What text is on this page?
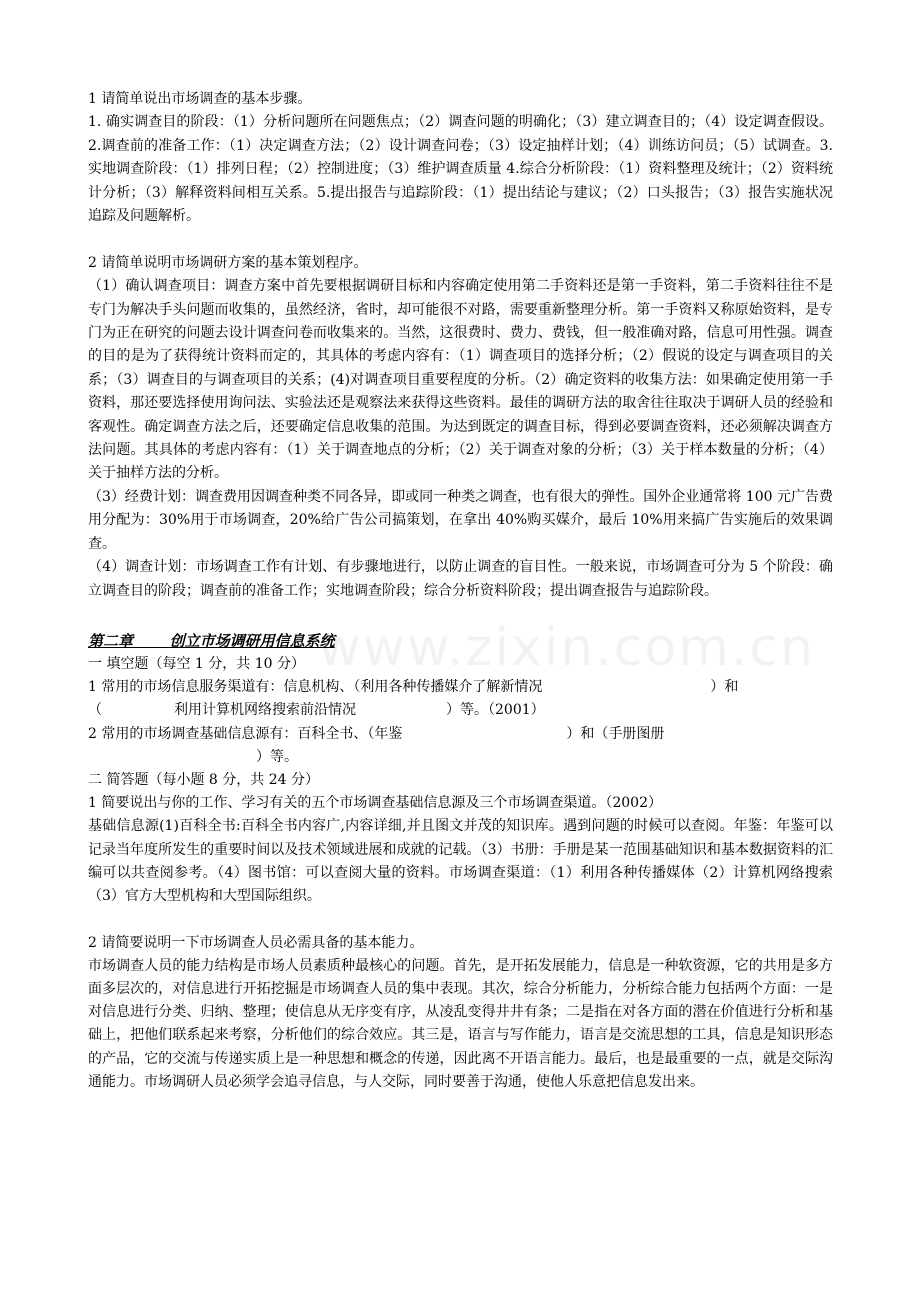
www.zixin.com.cn

1 请简单说出市场调查的基本步骤。

1. 确实调查目的阶段：（1）分析问题所在问题焦点；（2）调查问题的明确化；（3）建立调查目的；（4）设定调查假设。2.调查前的准备工作：（1）决定调查方法；（2）设计调查问卷；（3）设定抽样计划；（4）训练访问员；（5）试调查。3.实地调查阶段：（1）排列日程；（2）控制进度；（3）维护调查质量 4.综合分析阶段：（1）资料整理及统计；（2）资料统计分析；（3）解释资料间相互关系。5.提出报告与追踪阶段：（1）提出结论与建议；（2）口头报告；（3）报告实施状况追踪及问题解析。

2 请简单说明市场调研方案的基本策划程序。

（1）确认调查项目：调查方案中首先要根据调研目标和内容确定使用第二手资料还是第一手资料，第二手资料往往不是专门为解决手头问题而收集的，虽然经济，省时，却可能很不对路，需要重新整理分析。第一手资料又称原始资料，是专门为正在研究的问题去设计调查问卷而收集来的。当然，这很费时、费力、费钱，但一般准确对路，信息可用性强。调查的目的是为了获得统计资料而定的，其具体的考虑内容有：（1）调查项目的选择分析；（2）假说的设定与调查项目的关系；（3）调查目的与调查项目的关系；(4)对调查项目重要程度的分析。（2）确定资料的收集方法：如果确定使用第一手资料，那还要选择使用询问法、实验法还是观察法来获得这些资料。最佳的调研方法的取舍往往取决于调研人员的经验和客观性。确定调查方法之后，还要确定信息收集的范围。为达到既定的调查目标，得到必要调查资料，还必须解决调查方法问题。其具体的考虑内容有：（1）关于调查地点的分析；（2）关于调查对象的分析；（3）关于样本数量的分析；（4）关于抽样方法的分析。

（3）经费计划：调查费用因调查种类不同各异，即或同一种类之调查，也有很大的弹性。国外企业通常将 100 元广告费用分配为：30%用于市场调查，20%给广告公司搞策划，在拿出 40%购买媒介，最后 10%用来搞广告实施后的效果调查。

（4）调查计划：市场调查工作有计划、有步骤地进行，以防止调查的盲目性。一般来说，市场调查可分为 5 个阶段：确立调查目的阶段；调查前的准备工作；实地调查阶段；综合分析资料阶段；提出调查报告与追踪阶段。

第二章 创立市场调研用信息系统

一 填空题（每空 1 分，共 10 分）

1 常用的市场信息服务渠道有：信息机构、（利用各种传播媒介了解新情况	）和

（	利用计算机网络搜索前沿情况	）等。（2001）

2 常用的市场调查基础信息源有：百科全书、（年鉴	）和（手册图册

）等。

二 简答题（每小题 8 分，共 24 分）

1 简要说出与你的工作、学习有关的五个市场调查基础信息源及三个市场调查渠道。（2002）

基础信息源(1)百科全书:百科全书内容广,内容详细,并且图文并茂的知识库。遇到问题的时候可以查阅。年鉴：年鉴可以记录当年度所发生的重要时间以及技术领域进展和成就的记载。（3）书册：手册是某一范围基础知识和基本数据资料的汇编可以共查阅参考。（4）图书馆：可以查阅大量的资料。市场调查渠道：（1）利用各种传播媒体（2）计算机网络搜索（3）官方大型机构和大型国际组织。

2 请简要说明一下市场调查人员必需具备的基本能力。

市场调查人员的能力结构是市场人员素质种最核心的问题。首先，是开拓发展能力，信息是一种软资源，它的共用是多方面多层次的，对信息进行开拓挖掘是市场调查人员的集中表现。其次，综合分析能力，分析综合能力包括两个方面：一是对信息进行分类、归纳、整理；使信息从无序变有序，从凌乱变得井井有条；二是指在对各方面的潜在价值进行分析和基础上，把他们联系起来考察，分析他们的综合效应。其三是，语言与写作能力，语言是交流思想的工具，信息是知识形态的产品，它的交流与传递实质上是一种思想和概念的传递，因此离不开语言能力。最后，也是最重要的一点，就是交际沟通能力。市场调研人员必须学会追寻信息，与人交际，同时要善于沟通，使他人乐意把信息发出来。
